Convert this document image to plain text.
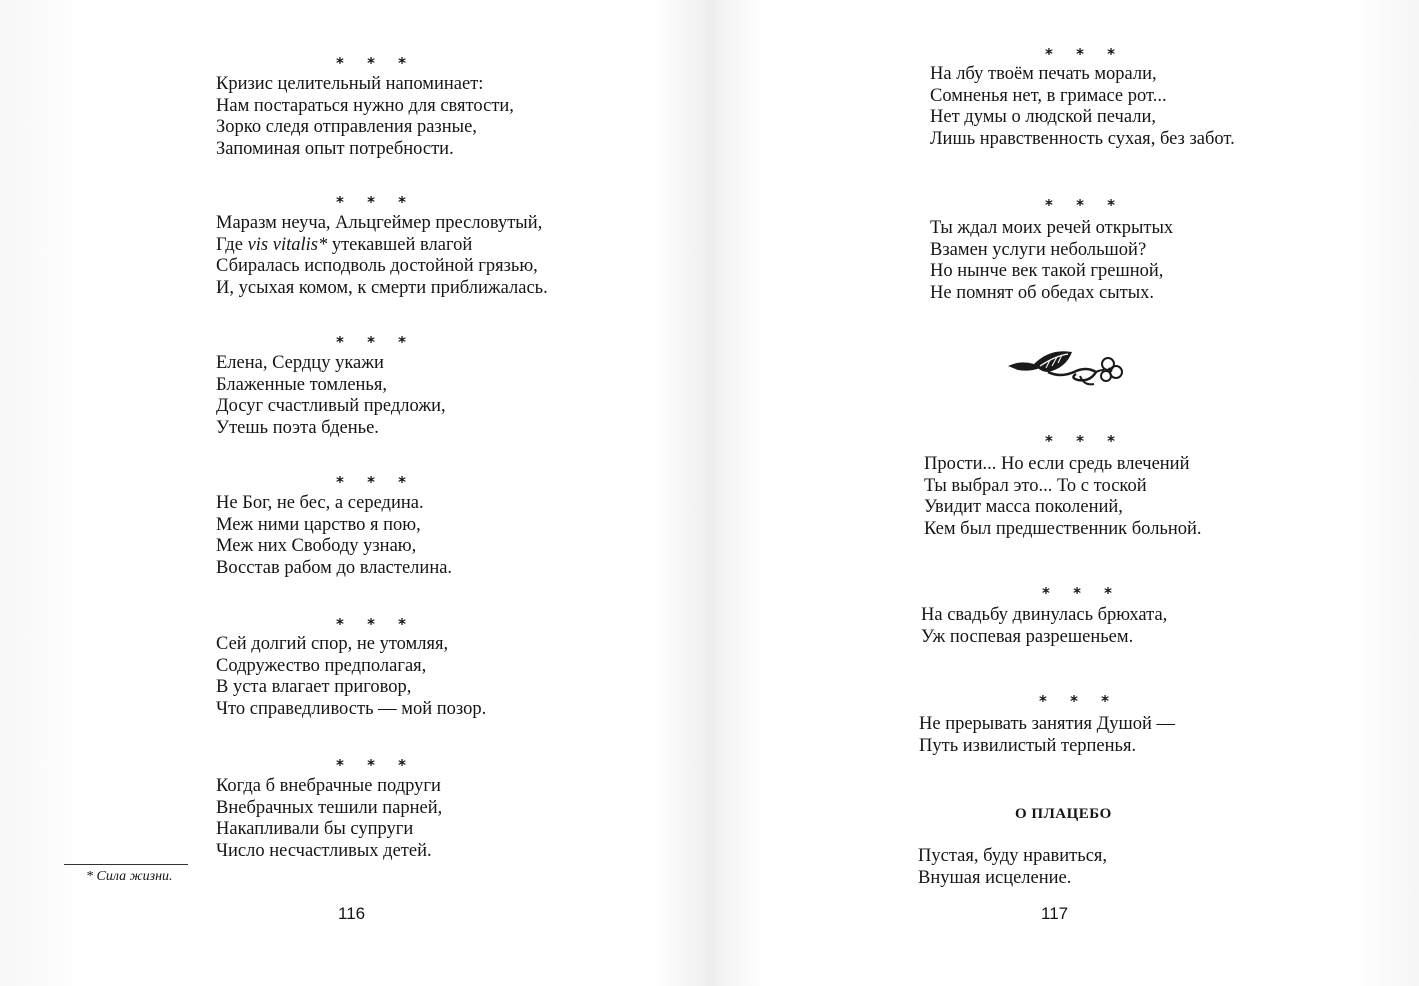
* * *
Кризис целительный напоминает:
Нам постараться нужно для святости,
Зорко следя отправления разные,
Запоминая опыт потребности.
* * *
Маразм неуча, Альцгеймер пресловутый,
Где vis vitalis* утекавшей влагой
Сбиралась исподволь достойной грязью,
И, усыхая комом, к смерти приближалась.
* * *
Елена, Сердцу укажи
Блаженные томленья,
Досуг счастливый предложи,
Утешь поэта бденье.
* * *
Не Бог, не бес, а середина.
Меж ними царство я пою,
Меж них Свободу узнаю,
Восстав рабом до властелина.
* * *
Сей долгий спор, не утомляя,
Содружество предполагая,
В уста влагает приговор,
Что справедливость — мой позор.
* * *
Когда б внебрачные подруги
Внебрачных тешили парней,
Накапливали бы супруги
Число несчастливых детей.
* Сила жизни.
116
* * *
На лбу твоём печать морали,
Сомненья нет, в гримасе рот...
Нет думы о людской печали,
Лишь нравственность сухая, без забот.
* * *
Ты ждал моих речей открытых
Взамен услуги небольшой?
Но нынче век такой грешной,
Не помнят об обедах сытых.
* * *
Прости... Но если средь влечений
Ты выбрал это... То с тоской
Увидит масса поколений,
Кем был предшественник больной.
* * *
На свадьбу двинулась брюхата,
Уж поспевая разрешеньем.
* * *
Не прерывать занятия Душой —
Путь извилистый терпенья.
О ПЛАЦЕБО
Пустая, буду нравиться,
Внушая исцеление.
117
